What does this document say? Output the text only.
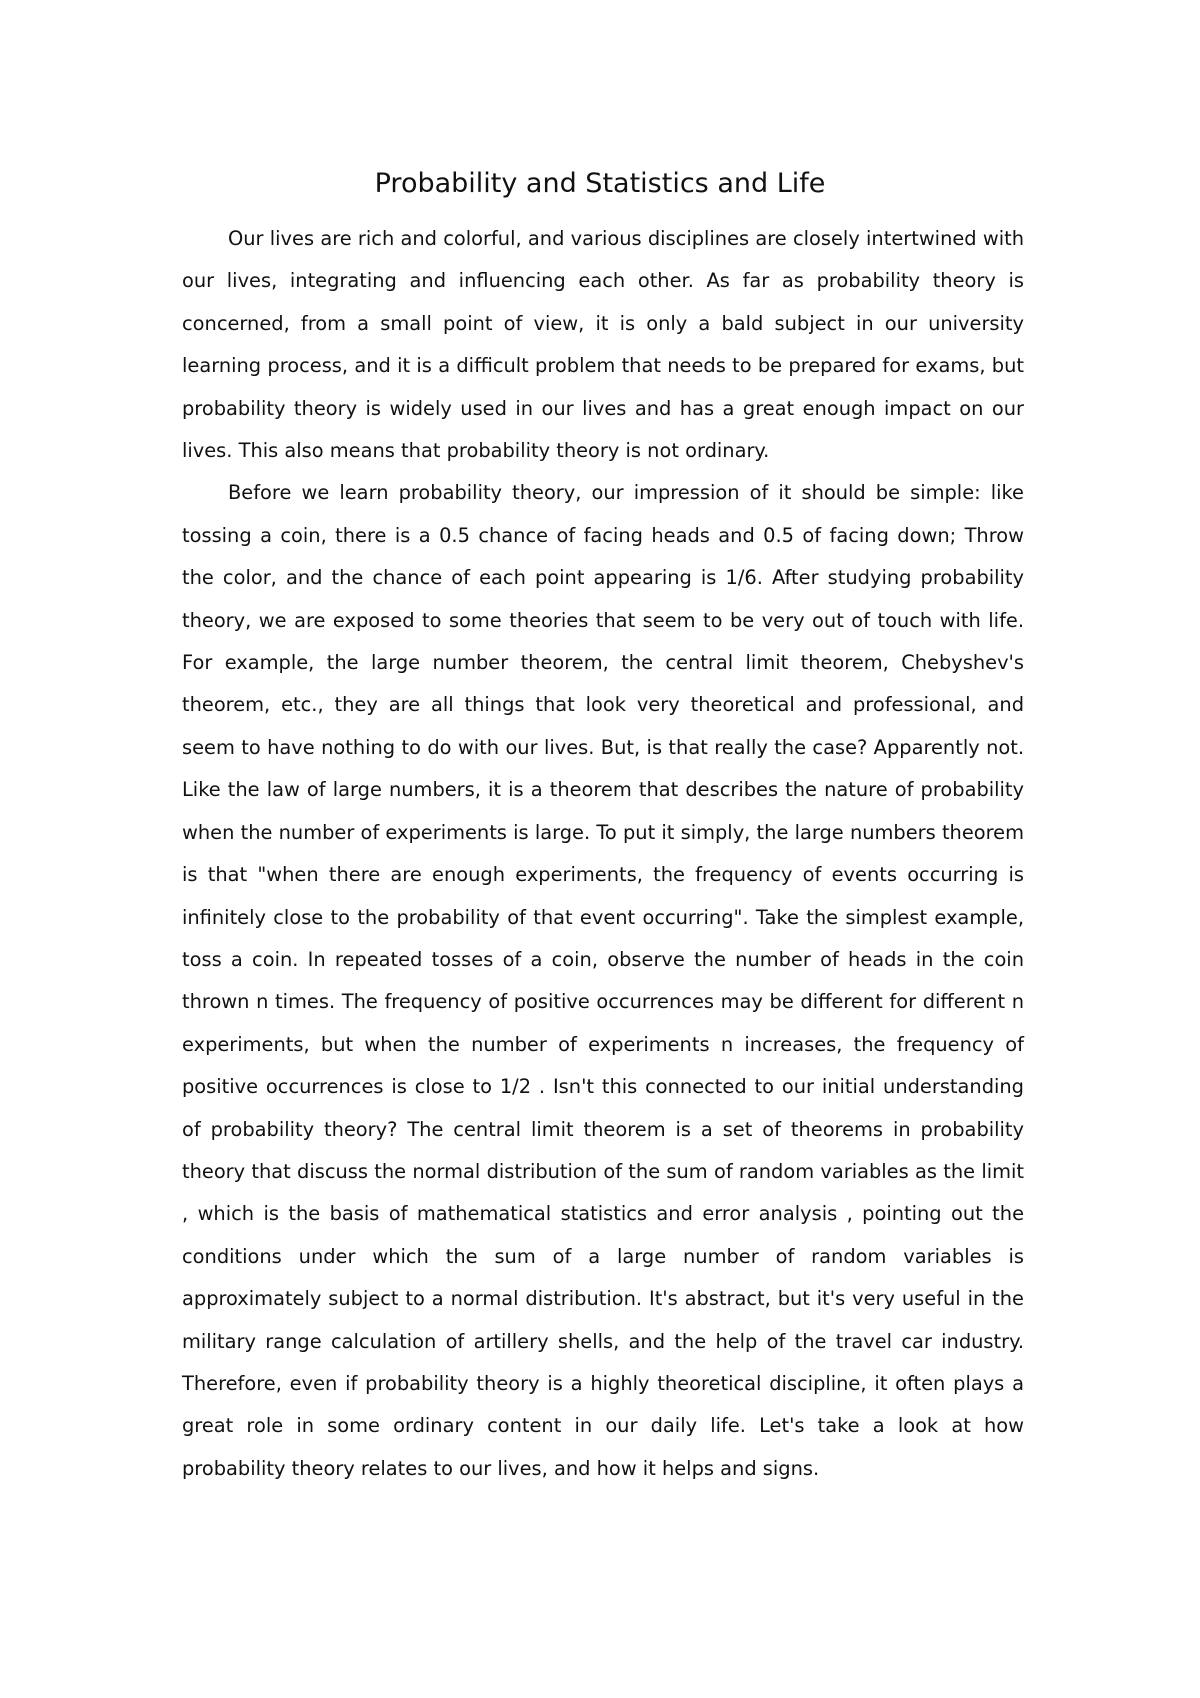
Probability and Statistics and Life

Our lives are rich and colorful, and various disciplines are closely intertwined with our lives, integrating and influencing each other. As far as probability theory is concerned, from a small point of view, it is only a bald subject in our university learning process, and it is a difficult problem that needs to be prepared for exams, but probability theory is widely used in our lives and has a great enough impact on our lives. This also means that probability theory is not ordinary.

Before we learn probability theory, our impression of it should be simple: like tossing a coin, there is a 0.5 chance of facing heads and 0.5 of facing down; Throw the color, and the chance of each point appearing is 1/6. After studying probability theory, we are exposed to some theories that seem to be very out of touch with life. For example, the large number theorem, the central limit theorem, Chebyshev's theorem, etc., they are all things that look very theoretical and professional, and seem to have nothing to do with our lives. But, is that really the case? Apparently not. Like the law of large numbers, it is a theorem that describes the nature of probability when the number of experiments is large. To put it simply, the large numbers theorem is that "when there are enough experiments, the frequency of events occurring is infinitely close to the probability of that event occurring". Take the simplest example, toss a coin. In repeated tosses of a coin, observe the number of heads in the coin thrown n times. The frequency of positive occurrences may be different for different n experiments, but when the number of experiments n increases, the frequency of positive occurrences is close to 1/2 . Isn't this connected to our initial understanding of probability theory? The central limit theorem is a set of theorems in probability theory that discuss the normal distribution of the sum of random variables as the limit , which is the basis of mathematical statistics and error analysis , pointing out the conditions under which the sum of a large number of random variables is approximately subject to a normal distribution. It's abstract, but it's very useful in the military range calculation of artillery shells, and the help of the travel car industry. Therefore, even if probability theory is a highly theoretical discipline, it often plays a great role in some ordinary content in our daily life. Let's take a look at how probability theory relates to our lives, and how it helps and signs.
